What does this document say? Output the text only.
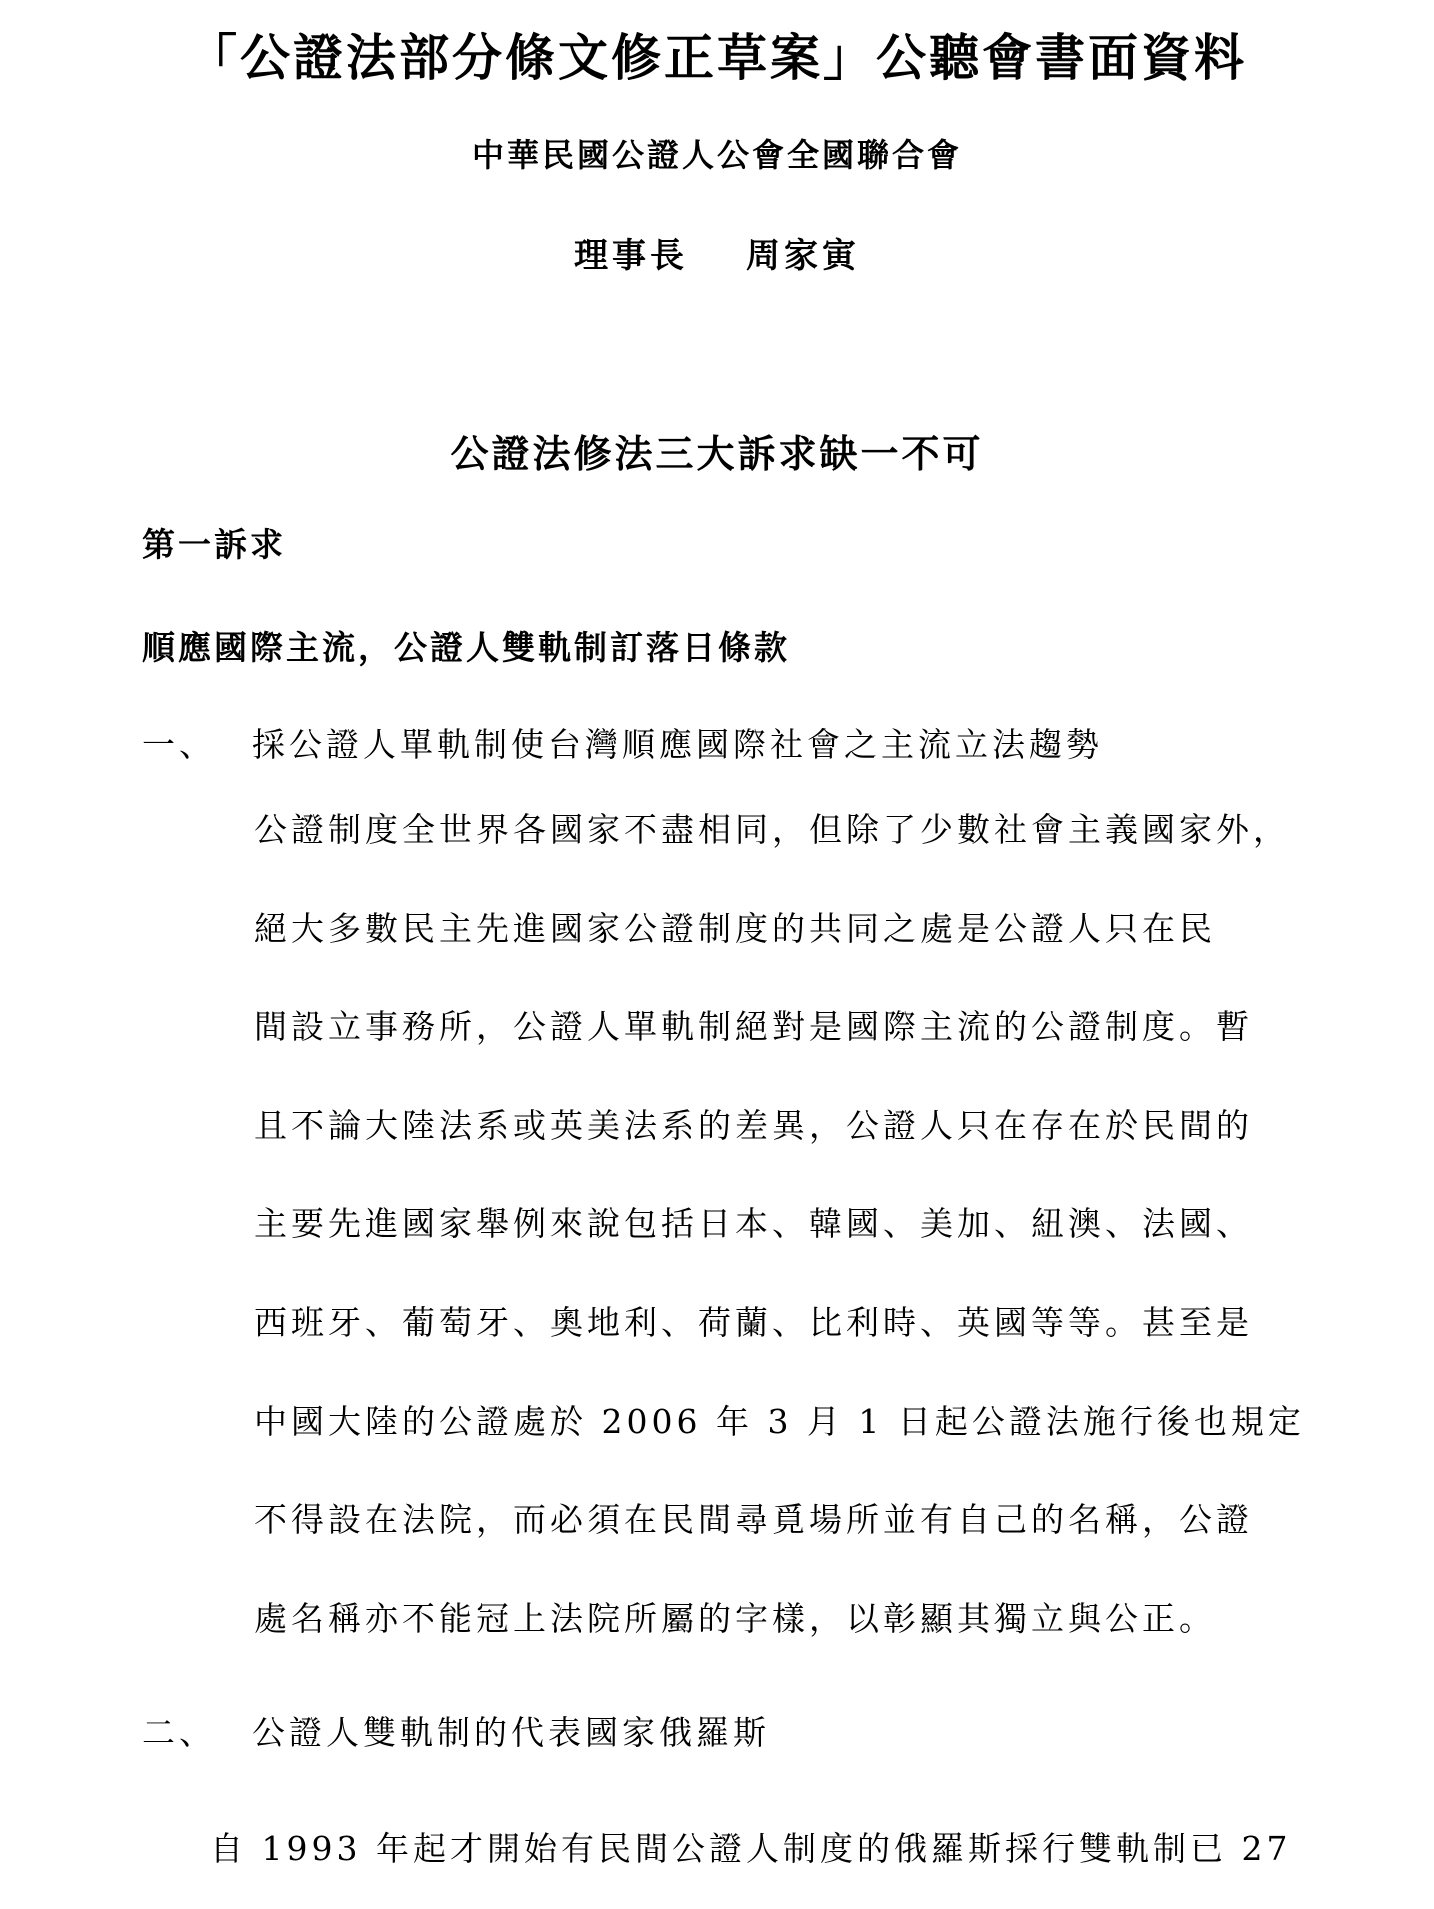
「公證法部分條文修正草案」公聽會書面資料
中華民國公證人公會全國聯合會
理事長 周家寅
公證法修法三大訴求缺一不可
第一訴求
順應國際主流，公證人雙軌制訂落日條款
一、 採公證人單軌制使台灣順應國際社會之主流立法趨勢
公證制度全世界各國家不盡相同，但除了少數社會主義國家外，
絕大多數民主先進國家公證制度的共同之處是公證人只在民
間設立事務所，公證人單軌制絕對是國際主流的公證制度。暫
且不論大陸法系或英美法系的差異，公證人只在存在於民間的
主要先進國家舉例來說包括日本、韓國、美加、紐澳、法國、
西班牙、葡萄牙、奧地利、荷蘭、比利時、英國等等。甚至是
中國大陸的公證處於 2006 年 3 月 1 日起公證法施行後也規定
不得設在法院，而必須在民間尋覓場所並有自己的名稱，公證
處名稱亦不能冠上法院所屬的字樣，以彰顯其獨立與公正。
二、 公證人雙軌制的代表國家俄羅斯
自 1993 年起才開始有民間公證人制度的俄羅斯採行雙軌制已 27
